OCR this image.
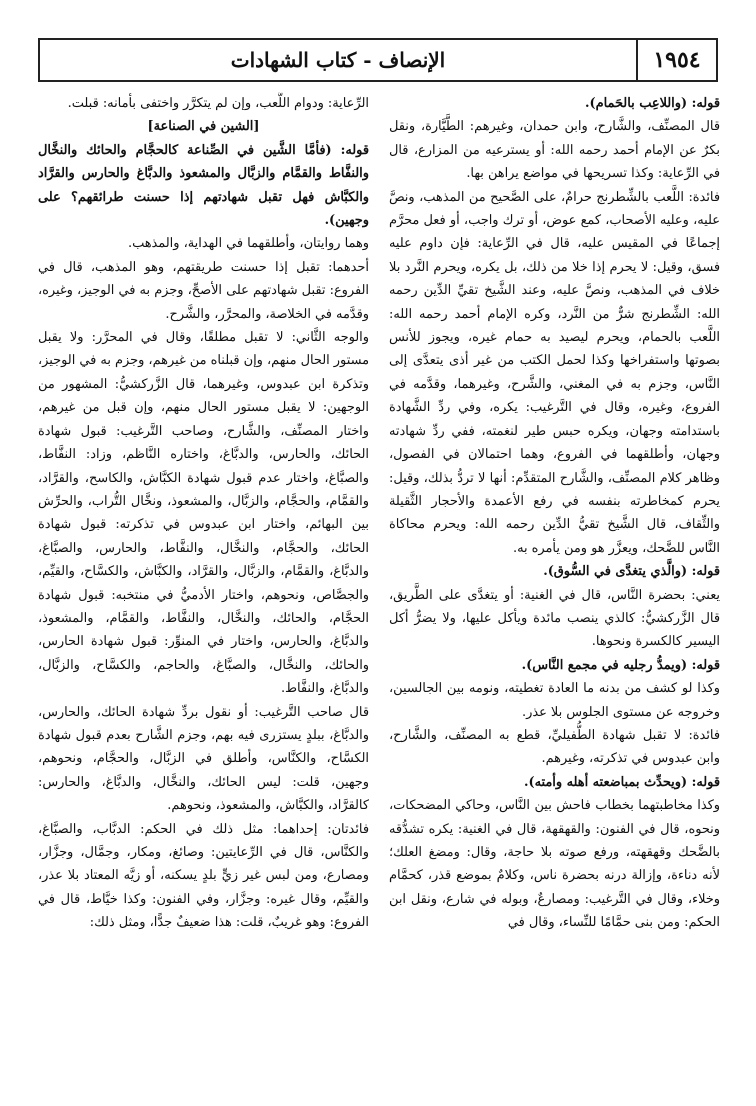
الإنصاف - كتاب الشهادات	١٩٥٤

الرِّعاية: ودوام اللَّعب، وإن لم يتكرَّر واختفى بأمانه: قبلت.

[الشين في الصناعة]

قوله: (فأمَّا الشَّين في الصِّناعة كالحجَّام والحائك والنخَّال والنفَّاط والقمَّام والزبَّال والمشعوذ والدبَّاغ والحارس والقرَّاد والكبَّاش فهل تقبل شهادتهم إذا حسنت طرائقهم؟ على وجهين).

وهما روايتان، وأطلقهما في الهداية، والمذهب.

أحدهما: تقبل إذا حسنت طريقتهم، وهو المذهب، قال في الفروع: تقبل شهادتهم على الأصحِّ، وجزم به في الوجيز، وغيره، وقدَّمه في الخلاصة، والمحرَّر، والشَّرح.

والوجه الثَّاني: لا تقبل مطلقًا، وقال في المحرَّر: ولا يقبل مستور الحال منهم، وإن قبلناه من غيرهم، وجزم به في الوجيز، وتذكرة ابن عبدوس، وغيرهما، قال الزَّركشيُّ: المشهور من الوجهين: لا يقبل مستور الحال منهم، وإن قبل من غيرهم، واختار المصنِّف، والشَّارح، وصاحب التَّرغيب: قبول شهادة الحائك، والحارس، والدبَّاغ، واختاره النَّاظم، وزاد: النفَّاط، والصبَّاغ، واختار عدم قبول شهادة الكبَّاش، والكاسح، والقرَّاد، والقمَّام، والحجَّام، والزبَّال، والمشعوذ، ونخَّال التُّراب، والحرِّش بين البهائم، واختار ابن عبدوس في تذكرته: قبول شهادة الحائك، والحجَّام، والنخَّال، والنفَّاط، والحارس، والصبَّاغ، والدبَّاغ، والقمَّام، والزبَّال، والقرَّاد، والكبَّاش، والكسَّاح، والقيِّم، والجصَّاص، ونحوهم، واختار الأدميُّ في منتخبه: قبول شهادة الحجَّام، والحائك، والنخَّال، والنفَّاط، والقمَّام، والمشعوذ، والدبَّاغ، والحارس، واختار في المنوِّر: قبول شهادة الحارس، والحائك، والنخَّال، والصبَّاغ، والحاجم، والكسَّاح، والزبَّال، والدبَّاغ، والنفَّاط.

قال صاحب التَّرغيب: أو نقول بردِّ شهادة الحائك، والحارس، والدبَّاغ، ببلدٍ يستزرى فيه بهم، وجزم الشَّارح بعدم قبول شهادة الكسَّاح، والكنَّاس، وأطلق في الزبَّال، والحجَّام، ونحوهم، وجهين، قلت: ليس الحائك، والنخَّال، والدبَّاغ، والحارس: كالقرَّاد، والكبَّاش، والمشعوذ، ونحوهم.

فائدتان: إحداهما: مثل ذلك في الحكم: الدبَّاب، والصبَّاغ، والكنَّاس، قال في الرِّعايتين: وصائغ، ومكار، وجمَّال، وجزَّار، ومصارع، ومن لبس غير زيٍّ بلدٍ يسكنه، أو زيَّه المعتاد بلا عذر، والقيِّم، وقال غيره: وجزَّار، وفي الفنون: وكذا خيَّاط، قال في الفروع: وهو غريبٌ، قلت: هذا ضعيفٌ جدًّا، ومثل ذلك:

قوله: (واللاعِب بالحَمام).

قال المصنِّف، والشَّارح، وابن حمدان، وغيرهم: الطَّيَّارة، ونقل بكرٌ عن الإمام أحمد رحمه الله: أو يسترعيه من المزارع، قال في الرِّعاية: وكذا تسريحها في مواضع يراهن بها.

فائدة: اللَّعب بالشِّطرنج حرامٌ، على الصَّحيح من المذهب، ونصَّ عليه، وعليه الأصحاب، كمع عوض، أو ترك واجب، أو فعل محرَّم إجماعًا في المقيس عليه، قال في الرِّعاية: فإن داوم عليه فسق، وقيل: لا يحرم إذا خلا من ذلك، بل يكره، ويحرم النَّرد بلا خلاف في المذهب، ونصَّ عليه، وعند الشَّيخ تقيِّ الدِّين رحمه الله: الشِّطرنج شرٌّ من النَّرد، وكره الإمام أحمد رحمه الله: اللَّعب بالحمام، ويحرم ليصيد به حمام غيره، ويجوز للأنس بصوتها واستفراخها وكذا لحمل الكتب من غير أذى يتعدَّى إلى النَّاس، وجزم به في المغني، والشَّرح، وغيرهما، وقدَّمه في الفروع، وغيره، وقال في التَّرغيب: يكره، وفي ردِّ الشَّهادة باستدامته وجهان، ويكره حبس طير لنغمته، ففي ردِّ شهادته وجهان، وأطلقهما في الفروع، وهما احتمالان في الفصول، وظاهر كلام المصنِّف، والشَّارح المتقدِّم: أنها لا تردُّ بذلك، وقيل: يحرم كمخاطرته بنفسه في رفع الأعمدة والأحجار الثَّقيلة والثِّقاف، قال الشَّيخ تقيُّ الدِّين رحمه الله: ويحرم محاكاة النَّاس للضَّحك، ويعزَّر هو ومن يأمره به.

قوله: (والَّذي يتغدَّى في السُّوق).

يعني: بحضرة النَّاس، قال في الغنية: أو يتغدَّى على الطَّريق، قال الزَّركشيُّ: كالذي ينصب مائدة ويأكل عليها، ولا يضرُّ أكل اليسير كالكسرة ونحوها.

قوله: (ويمدُّ رجليه في مجمع النَّاس).

وكذا لو كشف من بدنه ما العادة تغطيته، ونومه بين الجالسين، وخروجه عن مستوى الجلوس بلا عذر.

فائدة: لا تقبل شهادة الطُّفيليِّ، قطع به المصنِّف، والشَّارح، وابن عبدوس في تذكرته، وغيرهم.

قوله: (ويحدِّث بمباضعته أهله وأمته).

وكذا مخاطبتهما بخطاب فاحش بين النَّاس، وحاكي المضحكات، ونحوه، قال في الفنون: والقهقهة، قال في الغنية: يكره تشدُّقه بالضَّحك وقهقهته، ورفع صوته بلا حاجة، وقال: ومضغ العلك؛ لأنه دناءة، وإزالة درنه بحضرة ناس، وكلامٌ بموضع قذر، كحمَّام وخلاء، وقال في التَّرغيب: ومصارعٌ، وبوله في شارع، ونقل ابن الحكم: ومن بنى حمَّامًا للنِّساء، وقال في
